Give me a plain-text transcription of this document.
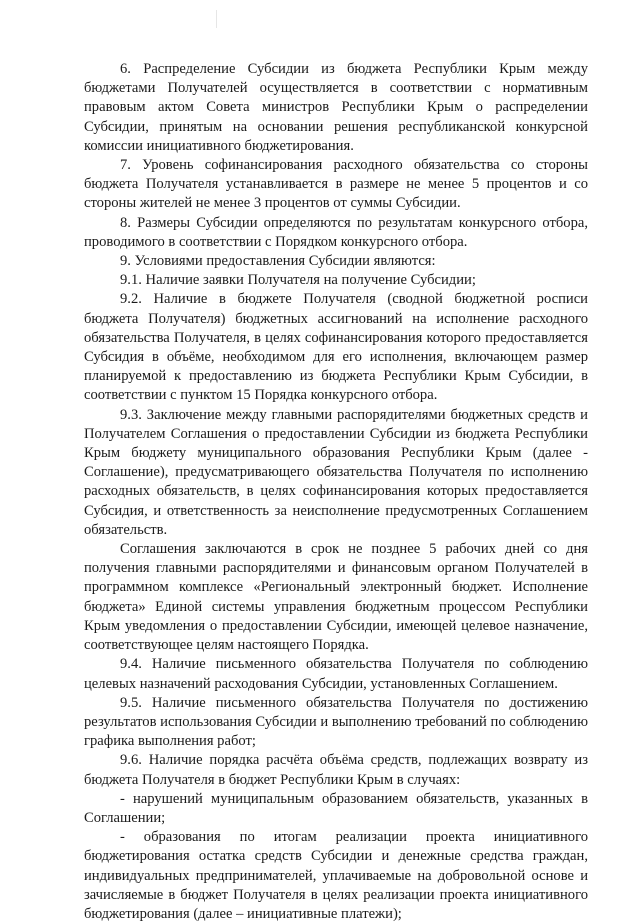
6. Распределение Субсидии из бюджета Республики Крым между бюджетами Получателей осуществляется в соответствии с нормативным правовым актом Совета министров Республики Крым о распределении Субсидии, принятым на основании решения республиканской конкурсной комиссии инициативного бюджетирования.

7. Уровень софинансирования расходного обязательства со стороны бюджета Получателя устанавливается в размере не менее 5 процентов и со стороны жителей не менее 3 процентов от суммы Субсидии.

8. Размеры Субсидии определяются по результатам конкурсного отбора, проводимого в соответствии с Порядком конкурсного отбора.

9. Условиями предоставления Субсидии являются:

9.1. Наличие заявки Получателя на получение Субсидии;

9.2. Наличие в бюджете Получателя (сводной бюджетной росписи бюджета Получателя) бюджетных ассигнований на исполнение расходного обязательства Получателя, в целях софинансирования которого предоставляется Субсидия в объёме, необходимом для его исполнения, включающем размер планируемой к предоставлению из бюджета Республики Крым Субсидии, в соответствии с пунктом 15 Порядка конкурсного отбора.

9.3. Заключение между главными распорядителями бюджетных средств и Получателем Соглашения о предоставлении Субсидии из бюджета Республики Крым бюджету муниципального образования Республики Крым (далее - Соглашение), предусматривающего обязательства Получателя по исполнению расходных обязательств, в целях софинансирования которых предоставляется Субсидия, и ответственность за неисполнение предусмотренных Соглашением обязательств.

Соглашения заключаются в срок не позднее 5 рабочих дней со дня получения главными распорядителями и финансовым органом Получателей в программном комплексе «Региональный электронный бюджет. Исполнение бюджета» Единой системы управления бюджетным процессом Республики Крым уведомления о предоставлении Субсидии, имеющей целевое назначение, соответствующее целям настоящего Порядка.

9.4. Наличие письменного обязательства Получателя по соблюдению целевых назначений расходования Субсидии, установленных Соглашением.

9.5. Наличие письменного обязательства Получателя по достижению результатов использования Субсидии и выполнению требований по соблюдению графика выполнения работ;

9.6. Наличие порядка расчёта объёма средств, подлежащих возврату из бюджета Получателя в бюджет Республики Крым в случаях:

- нарушений муниципальным образованием обязательств, указанных в Соглашении;

- образования по итогам реализации проекта инициативного бюджетирования остатка средств Субсидии и денежные средства граждан, индивидуальных предпринимателей, уплачиваемые на добровольной основе и зачисляемые в бюджет Получателя в целях реализации проекта инициативного бюджетирования (далее – инициативные платежи);
